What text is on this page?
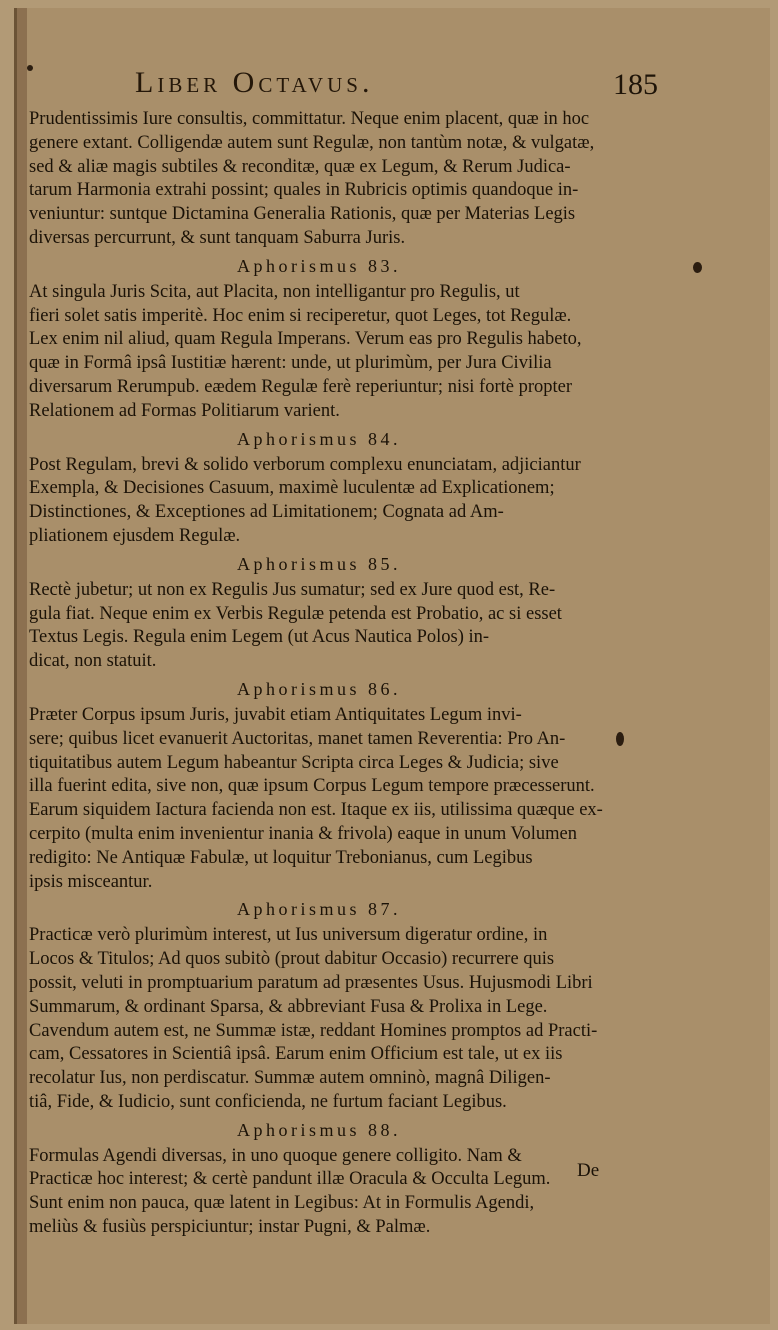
Liber Octavus.	185
Prudentissimis Iure consultis, committatur. Neque enim placent, quæ in hoc
genere extant. Colligendæ autem sunt Regulæ, non tantùm notæ, & vulgatæ,
sed & aliæ magis subtiles & reconditæ, quæ ex Legum, & Rerum Judica-
tarum Harmonia extrahi possint; quales in Rubricis optimis quandoque in-
veniuntur: suntque Dictamina Generalia Rationis, quæ per Materias Legis
diversas percurrunt, & sunt tanquam Saburra Juris.
Aphorismus 83.
At singula Juris Scita, aut Placita, non intelligantur pro Regulis, ut
fieri solet satis imperitè. Hoc enim si reciperetur, quot Leges, tot Regulæ.
Lex enim nil aliud, quam Regula Imperans. Verum eas pro Regulis habeto,
quæ in Formâ ipsâ Iustitiæ hærent: unde, ut plurimùm, per Jura Civilia
diversarum Rerumpub. eædem Regulæ ferè reperiuntur; nisi fortè propter
Relationem ad Formas Politiarum varient.
Aphorismus 84.
Post Regulam, brevi & solido verborum complexu enunciatam, adjiciantur
Exempla, & Decisiones Casuum, maximè luculentæ ad Explicationem;
Distinctiones, & Exceptiones ad Limitationem; Cognata ad Am-
pliationem ejusdem Regulæ.
Aphorismus 85.
Rectè jubetur; ut non ex Regulis Jus sumatur; sed ex Jure quod est, Re-
gula fiat. Neque enim ex Verbis Regulæ petenda est Probatio, ac si esset
Textus Legis. Regula enim Legem (ut Acus Nautica Polos) in-
dicat, non statuit.
Aphorismus 86.
Præter Corpus ipsum Juris, juvabit etiam Antiquitates Legum invi-
sere; quibus licet evanuerit Auctoritas, manet tamen Reverentia: Pro An-
tiquitatibus autem Legum habeantur Scripta circa Leges & Judicia; sive
illa fuerint edita, sive non, quæ ipsum Corpus Legum tempore præcesserunt.
Earum siquidem Iactura facienda non est. Itaque ex iis, utilissima quæque ex-
cerpito (multa enim invenientur inania & frivola) eaque in unum Volumen
redigito: Ne Antiquæ Fabulæ, ut loquitur Trebonianus, cum Legibus
ipsis misceantur.
Aphorismus 87.
Practicæ verò plurimùm interest, ut Ius universum digeratur ordine, in
Locos & Titulos; Ad quos subitò (prout dabitur Occasio) recurrere quis
possit, veluti in promptuarium paratum ad præsentes Usus. Hujusmodi Libri
Summarum, & ordinant Sparsa, & abbreviant Fusa & Prolixa in Lege.
Cavendum autem est, ne Summæ istæ, reddant Homines promptos ad Practi-
cam, Cessatores in Scientiâ ipsâ. Earum enim Officium est tale, ut ex iis
recolatur Ius, non perdiscatur. Summæ autem omninò, magnâ Diligen-
tiâ, Fide, & Iudicio, sunt conficienda, ne furtum faciant Legibus.
Aphorismus 88.
Formulas Agendi diversas, in uno quoque genere colligito. Nam &
Practicæ hoc interest; & certè pandunt illæ Oracula & Occulta Legum.
Sunt enim non pauca, quæ latent in Legibus: At in Formulis Agendi,
meliùs & fusiùs perspiciuntur; instar Pugni, & Palmæ.
De
